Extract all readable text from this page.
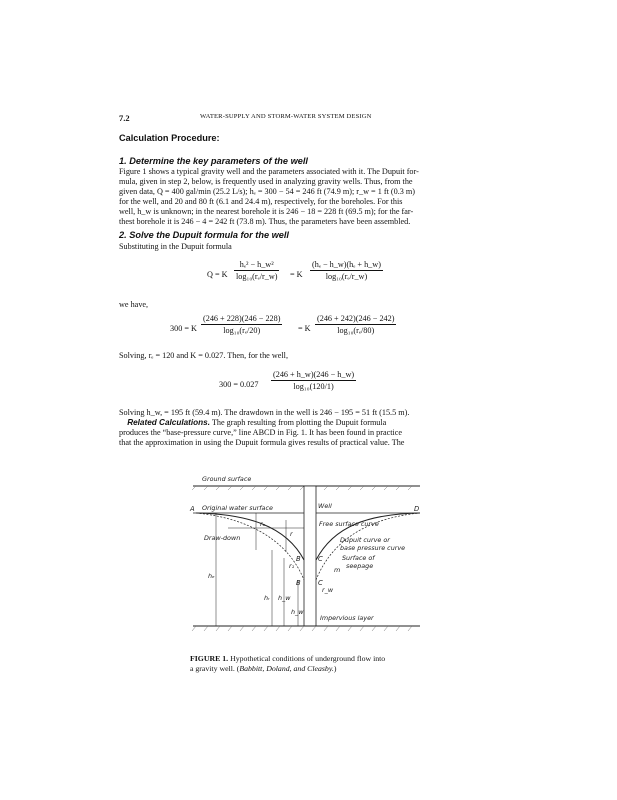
7.2	WATER-SUPPLY AND STORM-WATER SYSTEM DESIGN
Calculation Procedure:
1. Determine the key parameters of the well
Figure 1 shows a typical gravity well and the parameters associated with it. The Dupuit for-
mula, given in step 2, below, is frequently used in analyzing gravity wells. Thus, from the
given data, Q = 400 gal/min (25.2 L/s); hₑ = 300 − 54 = 246 ft (74.9 m); r_w = 1 ft (0.3 m)
for the well, and 20 and 80 ft (6.1 and 24.4 m), respectively, for the boreholes. For this
well, h_w is unknown; in the nearest borehole it is 246 − 18 = 228 ft (69.5 m); for the far-
thest borehole it is 246 − 4 = 242 ft (73.8 m). Thus, the parameters have been assembled.
2. Solve the Dupuit formula for the well
Substituting in the Dupuit formula
Q = K $\frac{\text{hₑ² − h\_w²}}{\text{log₁₀(rₑ/r\_w)}} = K \frac{\text{(hₑ − h\_w)(hₑ + h\_w)}}{\text{log₁₀(rₑ/r\_w)}}$
we have,
300 = K $\frac{(246 + 228)(246 - 228)}{\text{log₁₀(rₑ/20)}} = K \frac{(246 + 242)(246 - 242)}{\text{log₁₀(rₑ/80)}}$
Solving, rₑ = 120 and K = 0.027. Then, for the well,
$300 = 0.027 \frac{(246 + h\_w)(246 - h\_w)}{\text{log₁₀(120/1)}}$
Solving h_w, = 195 ft (59.4 m). The drawdown in the well is 246 − 195 = 51 ft (15.5 m).
Related Calculations. The graph resulting from plotting the Dupuit formula
produces the “base-pressure curve,” line ABCD in Fig. 1. It has been found in practice
that the approximation in using the Dupuit formula gives results of practical value. The
Ground surface
A Original water surface	D
Well
Free surface curve
Draw-down
rₑ
r
B	C
B	C
r₁
r_w
m
Dupuit curve or
base pressure curve
Surface of
seepage
hₑ
hᵣ h_w
h_w
Impervious layer
FIGURE 1. Hypothetical conditions of underground flow into
a gravity well. (Babbitt, Doland, and Cleasby.)
